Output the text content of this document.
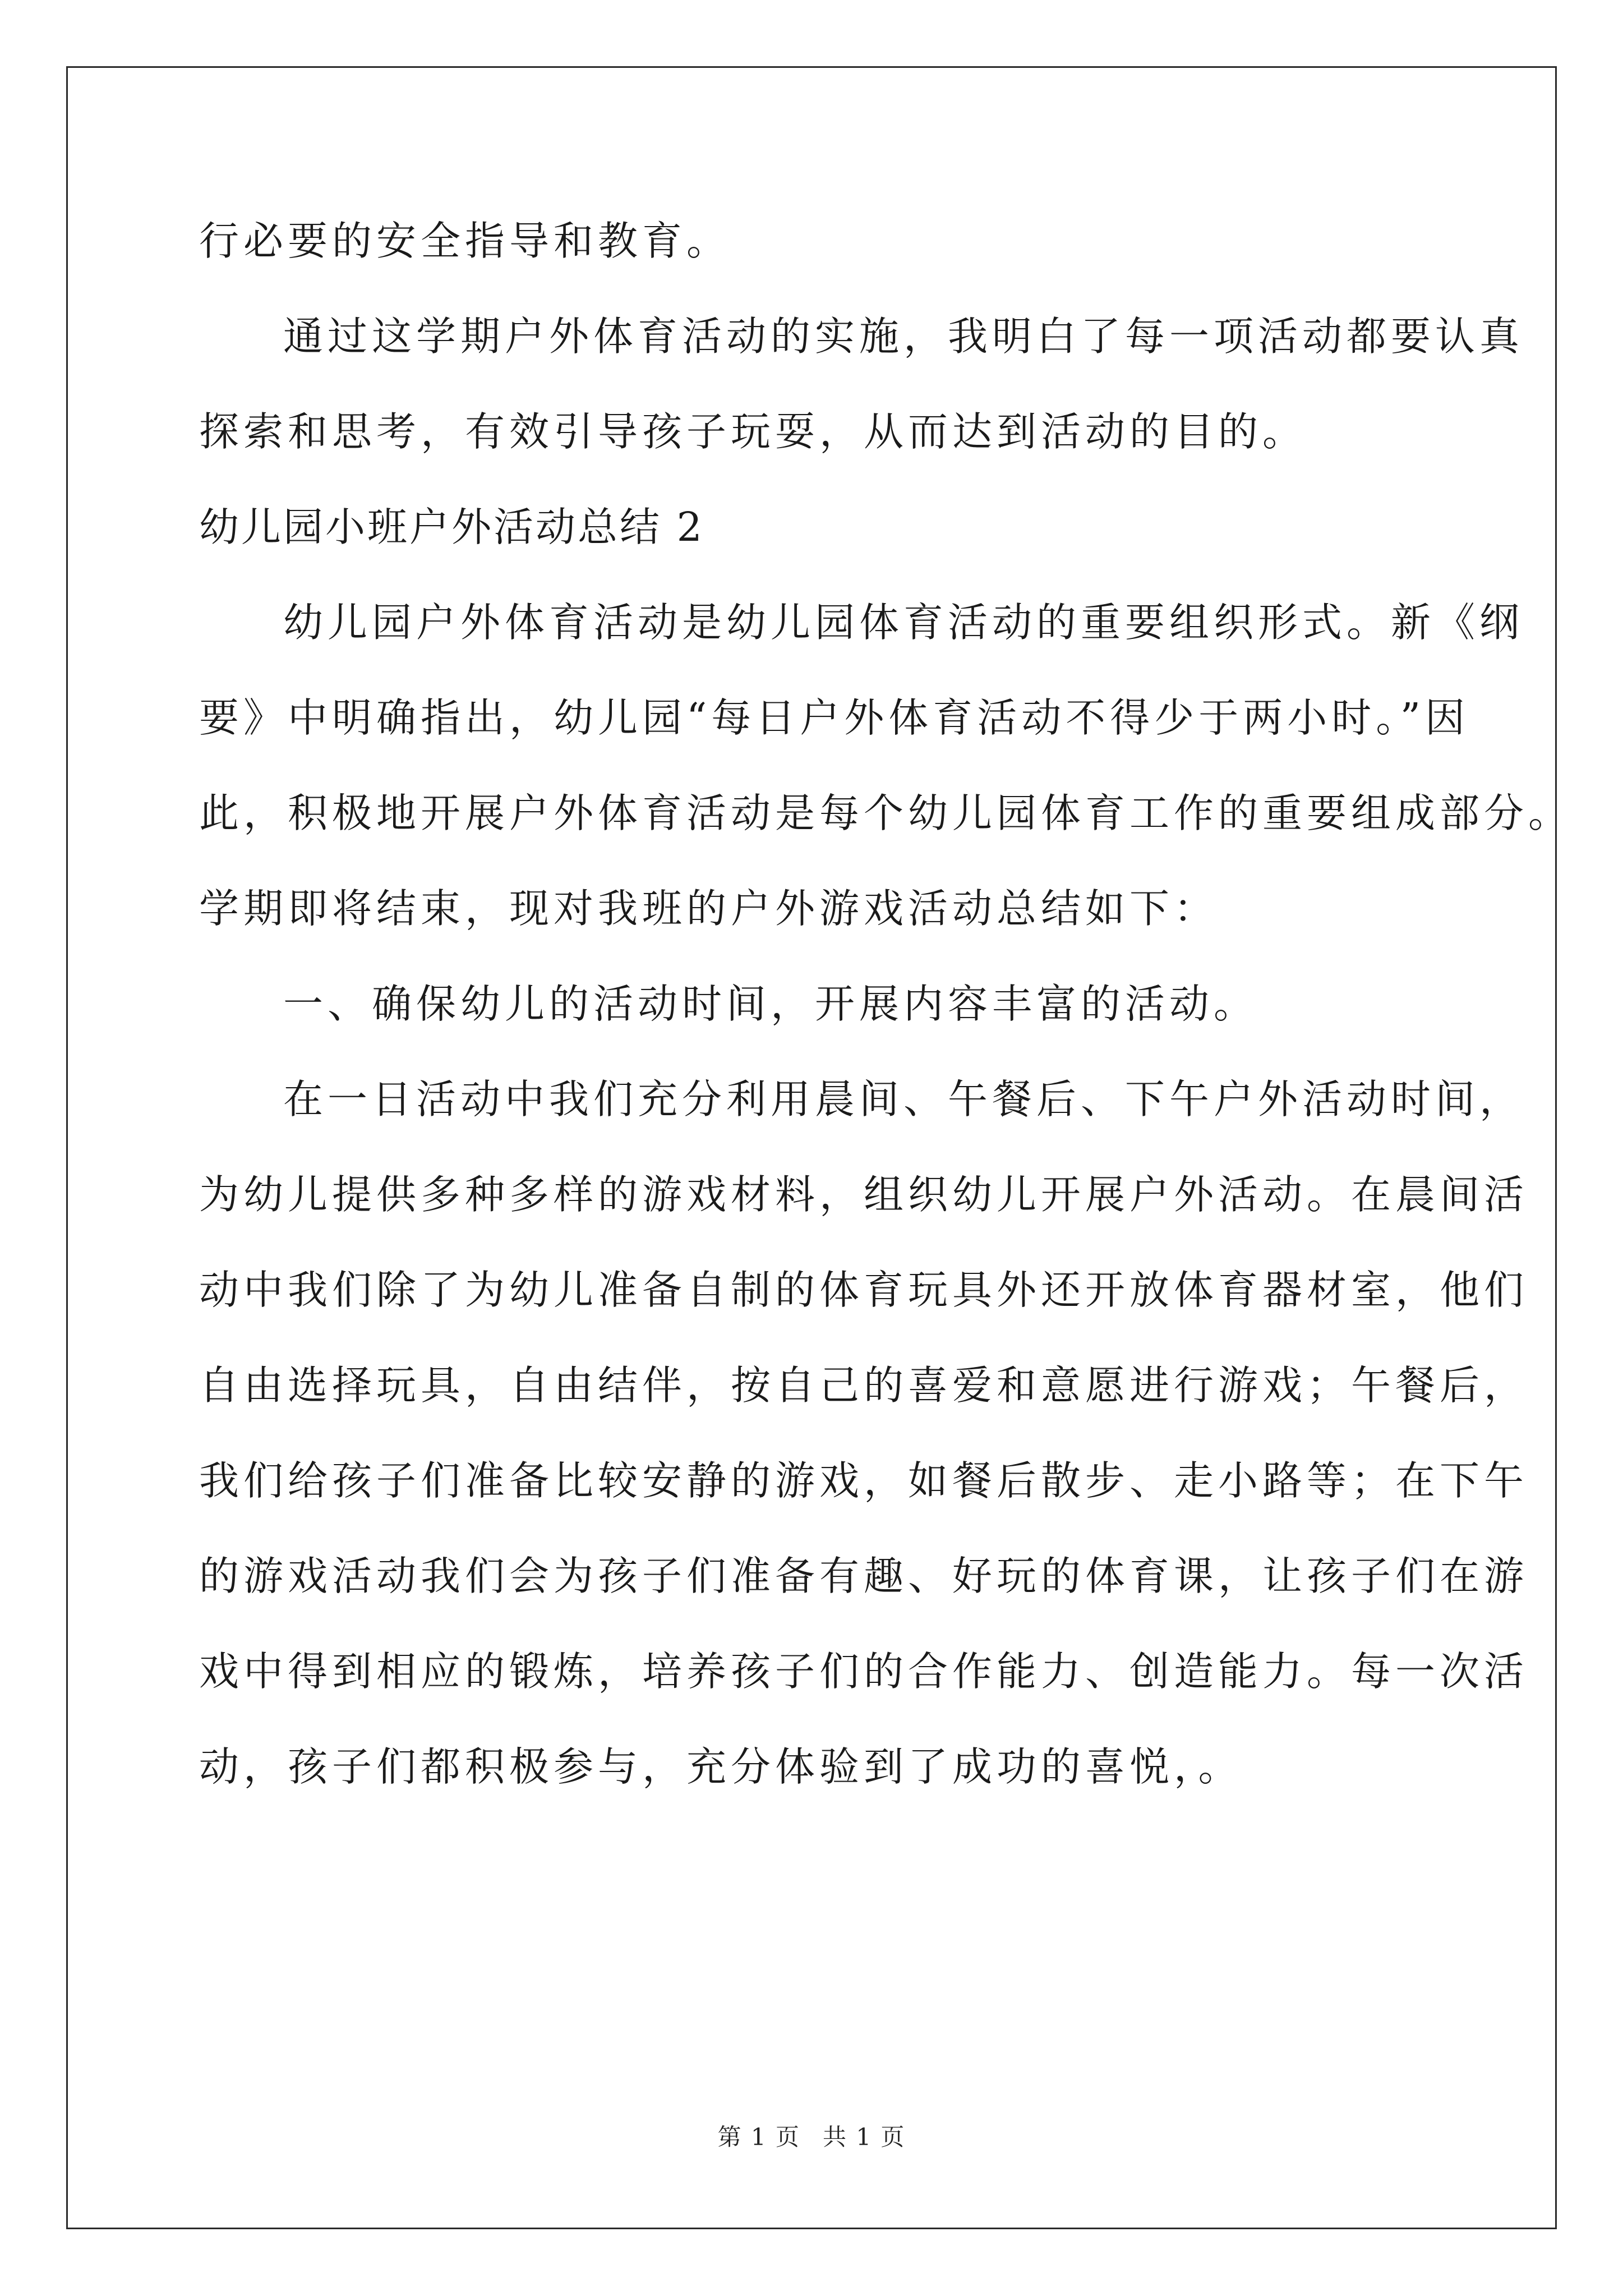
行必要的安全指导和教育。
通过这学期户外体育活动的实施，我明白了每一项活动都要认真
探索和思考，有效引导孩子玩耍，从而达到活动的目的。
幼儿园小班户外活动总结 2
幼儿园户外体育活动是幼儿园体育活动的重要组织形式。新《纲
要》中明确指出，幼儿园“每日户外体育活动不得少于两小时。”因
此，积极地开展户外体育活动是每个幼儿园体育工作的重要组成部分。
学期即将结束，现对我班的户外游戏活动总结如下：
一、确保幼儿的活动时间，开展内容丰富的活动。
在一日活动中我们充分利用晨间、午餐后、下午户外活动时间，
为幼儿提供多种多样的游戏材料，组织幼儿开展户外活动。在晨间活
动中我们除了为幼儿准备自制的体育玩具外还开放体育器材室，他们
自由选择玩具，自由结伴，按自己的喜爱和意愿进行游戏；午餐后，
我们给孩子们准备比较安静的游戏，如餐后散步、走小路等；在下午
的游戏活动我们会为孩子们准备有趣、好玩的体育课，让孩子们在游
戏中得到相应的锻炼，培养孩子们的合作能力、创造能力。每一次活
动，孩子们都积极参与，充分体验到了成功的喜悦，。
第 1 页 共 1 页
